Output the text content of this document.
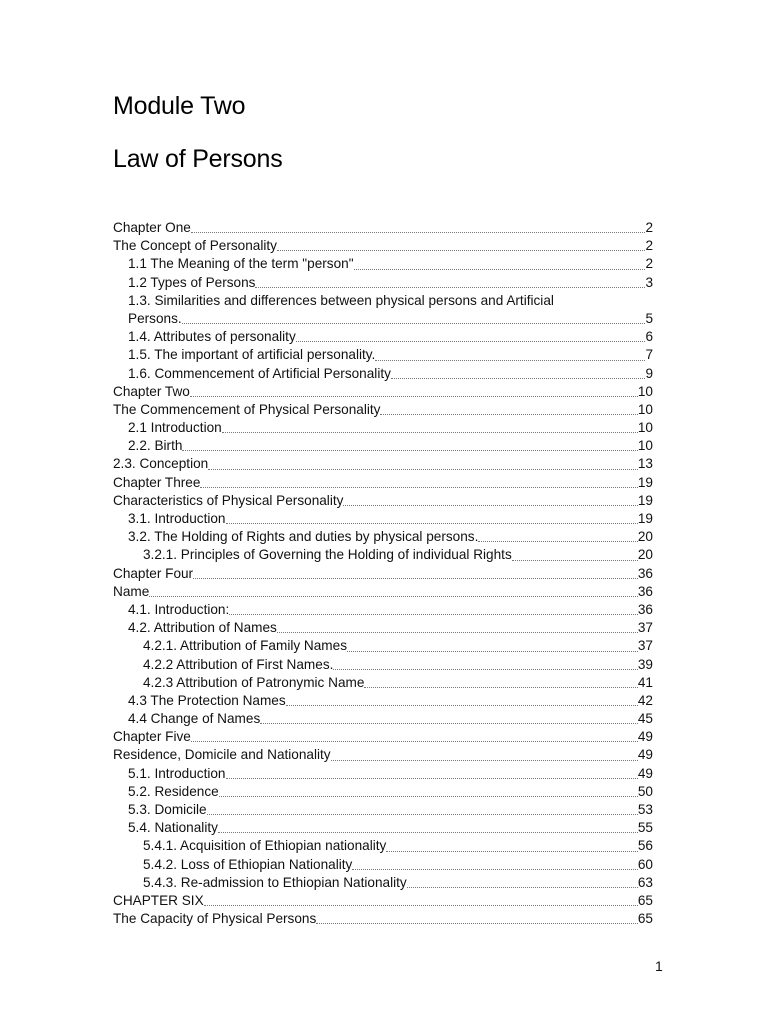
Module Two
Law of Persons
Chapter One	2
The Concept of Personality	2
1.1 The Meaning of the term "person"	2
1.2 Types of Persons	3
1.3. Similarities and differences between physical persons and Artificial
Persons.	5
1.4. Attributes of personality	6
1.5. The important of artificial personality.	7
1.6. Commencement of Artificial Personality	9
Chapter Two	10
The Commencement of Physical Personality	10
2.1 Introduction	10
2.2. Birth	10
2.3. Conception	13
Chapter Three	19
Characteristics of Physical Personality	19
3.1. Introduction	19
3.2. The Holding of Rights and duties by physical persons.	20
3.2.1. Principles of Governing the Holding of individual Rights	20
Chapter Four	36
Name	36
4.1. Introduction:	36
4.2. Attribution of Names	37
4.2.1. Attribution of Family Names	37
4.2.2 Attribution of First Names.	39
4.2.3 Attribution of Patronymic Name	41
4.3 The Protection Names	42
4.4 Change of Names	45
Chapter Five	49
Residence, Domicile and Nationality	49
5.1. Introduction	49
5.2. Residence	50
5.3. Domicile	53
5.4. Nationality	55
5.4.1. Acquisition of Ethiopian nationality	56
5.4.2. Loss of Ethiopian Nationality	60
5.4.3. Re-admission to Ethiopian Nationality	63
CHAPTER SIX	65
The Capacity of Physical Persons	65
1
